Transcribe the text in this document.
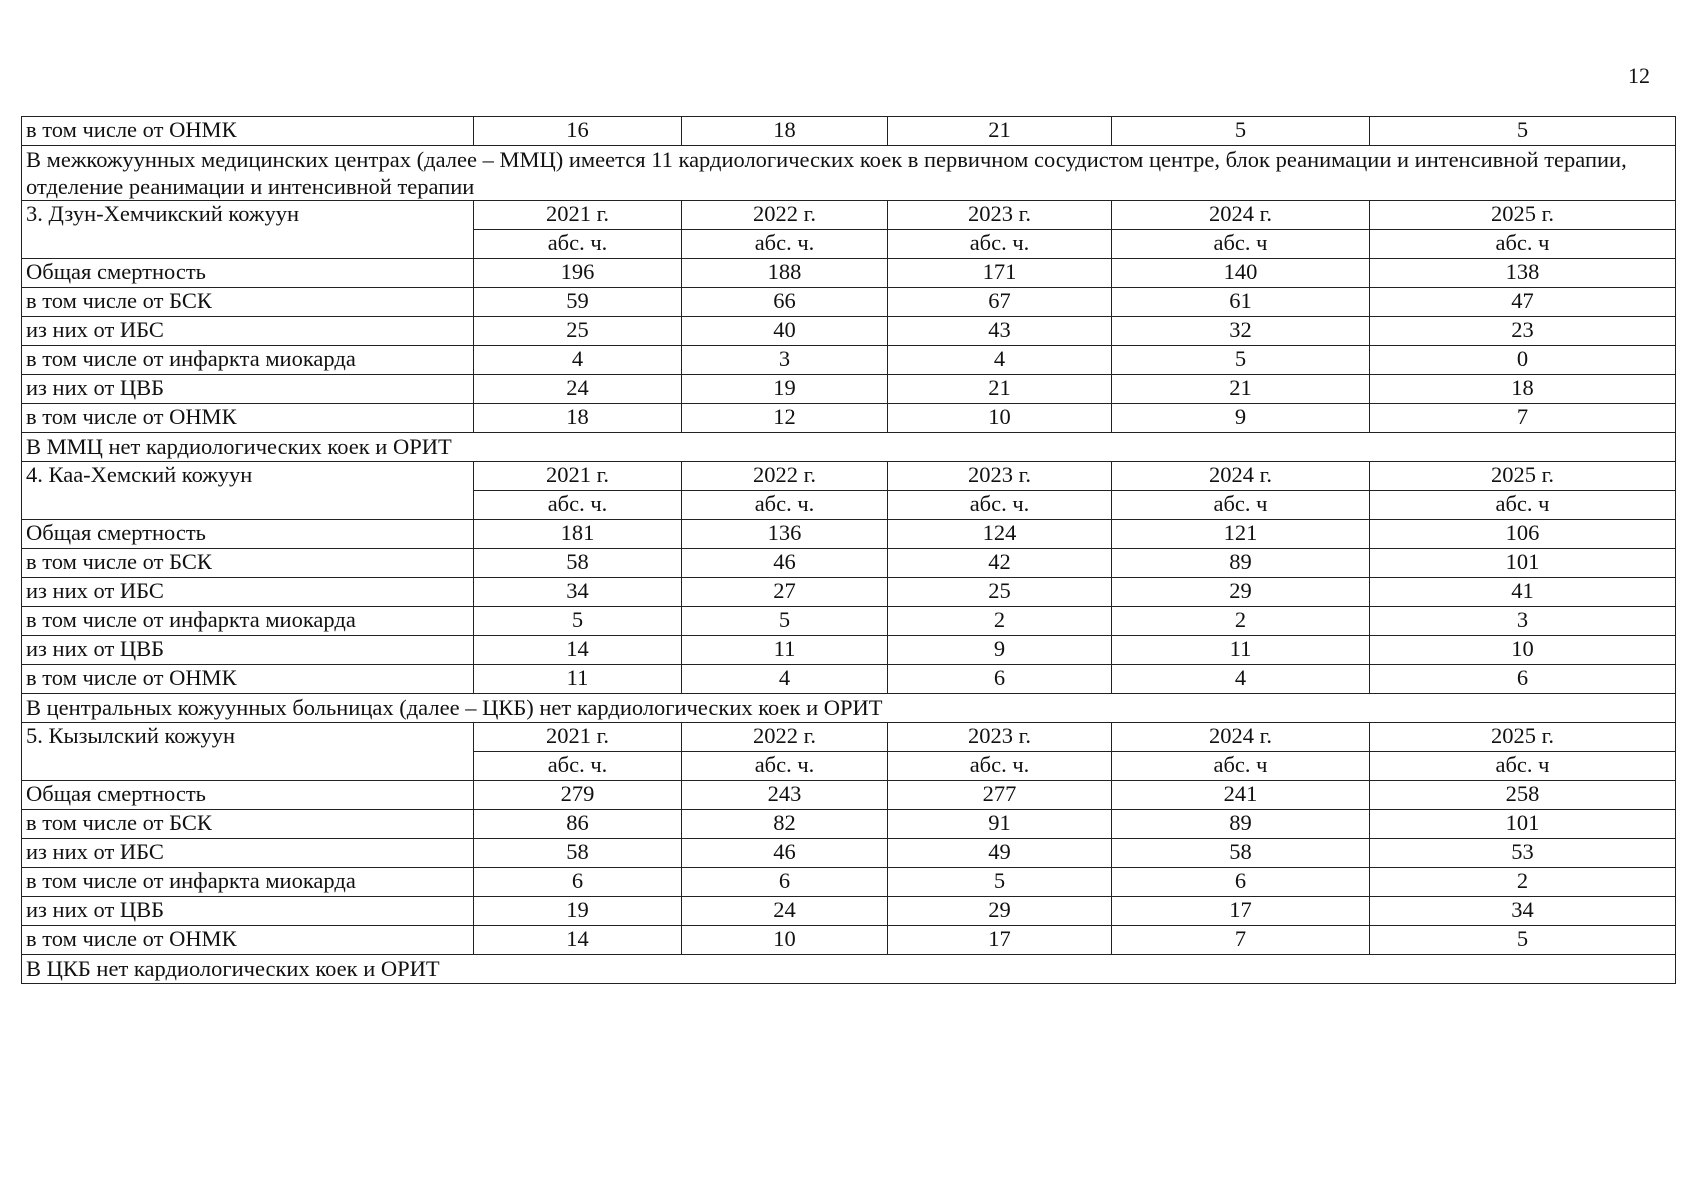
12
в том числе от ОНМК	16	18	21	5	5
В межкожуунных медицинских центрах (далее – ММЦ) имеется 11 кардиологических коек в первичном сосудистом центре, блок реанимации и интенсивной терапии, отделение реанимации и интенсивной терапии					
3. Дзун-Хемчикский кожуун	2021 г.	2022 г.	2023 г.	2024 г.	2025 г.
	абс. ч.	абс. ч.	абс. ч.	абс. ч	абс. ч
Общая смертность	196	188	171	140	138
в том числе от БСК	59	66	67	61	47
из них от ИБС	25	40	43	32	23
в том числе от инфаркта миокарда	4	3	4	5	0
из них от ЦВБ	24	19	21	21	18
в том числе от ОНМК	18	12	10	9	7
В ММЦ нет кардиологических коек и ОРИТ					
4. Каа-Хемский кожуун	2021 г.	2022 г.	2023 г.	2024 г.	2025 г.
	абс. ч.	абс. ч.	абс. ч.	абс. ч	абс. ч
Общая смертность	181	136	124	121	106
в том числе от БСК	58	46	42	89	101
из них от ИБС	34	27	25	29	41
в том числе от инфаркта миокарда	5	5	2	2	3
из них от ЦВБ	14	11	9	11	10
в том числе от ОНМК	11	4	6	4	6
В центральных кожуунных больницах (далее – ЦКБ) нет кардиологических коек и ОРИТ					
5. Кызылский кожуун	2021 г.	2022 г.	2023 г.	2024 г.	2025 г.
	абс. ч.	абс. ч.	абс. ч.	абс. ч	абс. ч
Общая смертность	279	243	277	241	258
в том числе от БСК	86	82	91	89	101
из них от ИБС	58	46	49	58	53
в том числе от инфаркта миокарда	6	6	5	6	2
из них от ЦВБ	19	24	29	17	34
в том числе от ОНМК	14	10	17	7	5
В ЦКБ нет кардиологических коек и ОРИТ					
